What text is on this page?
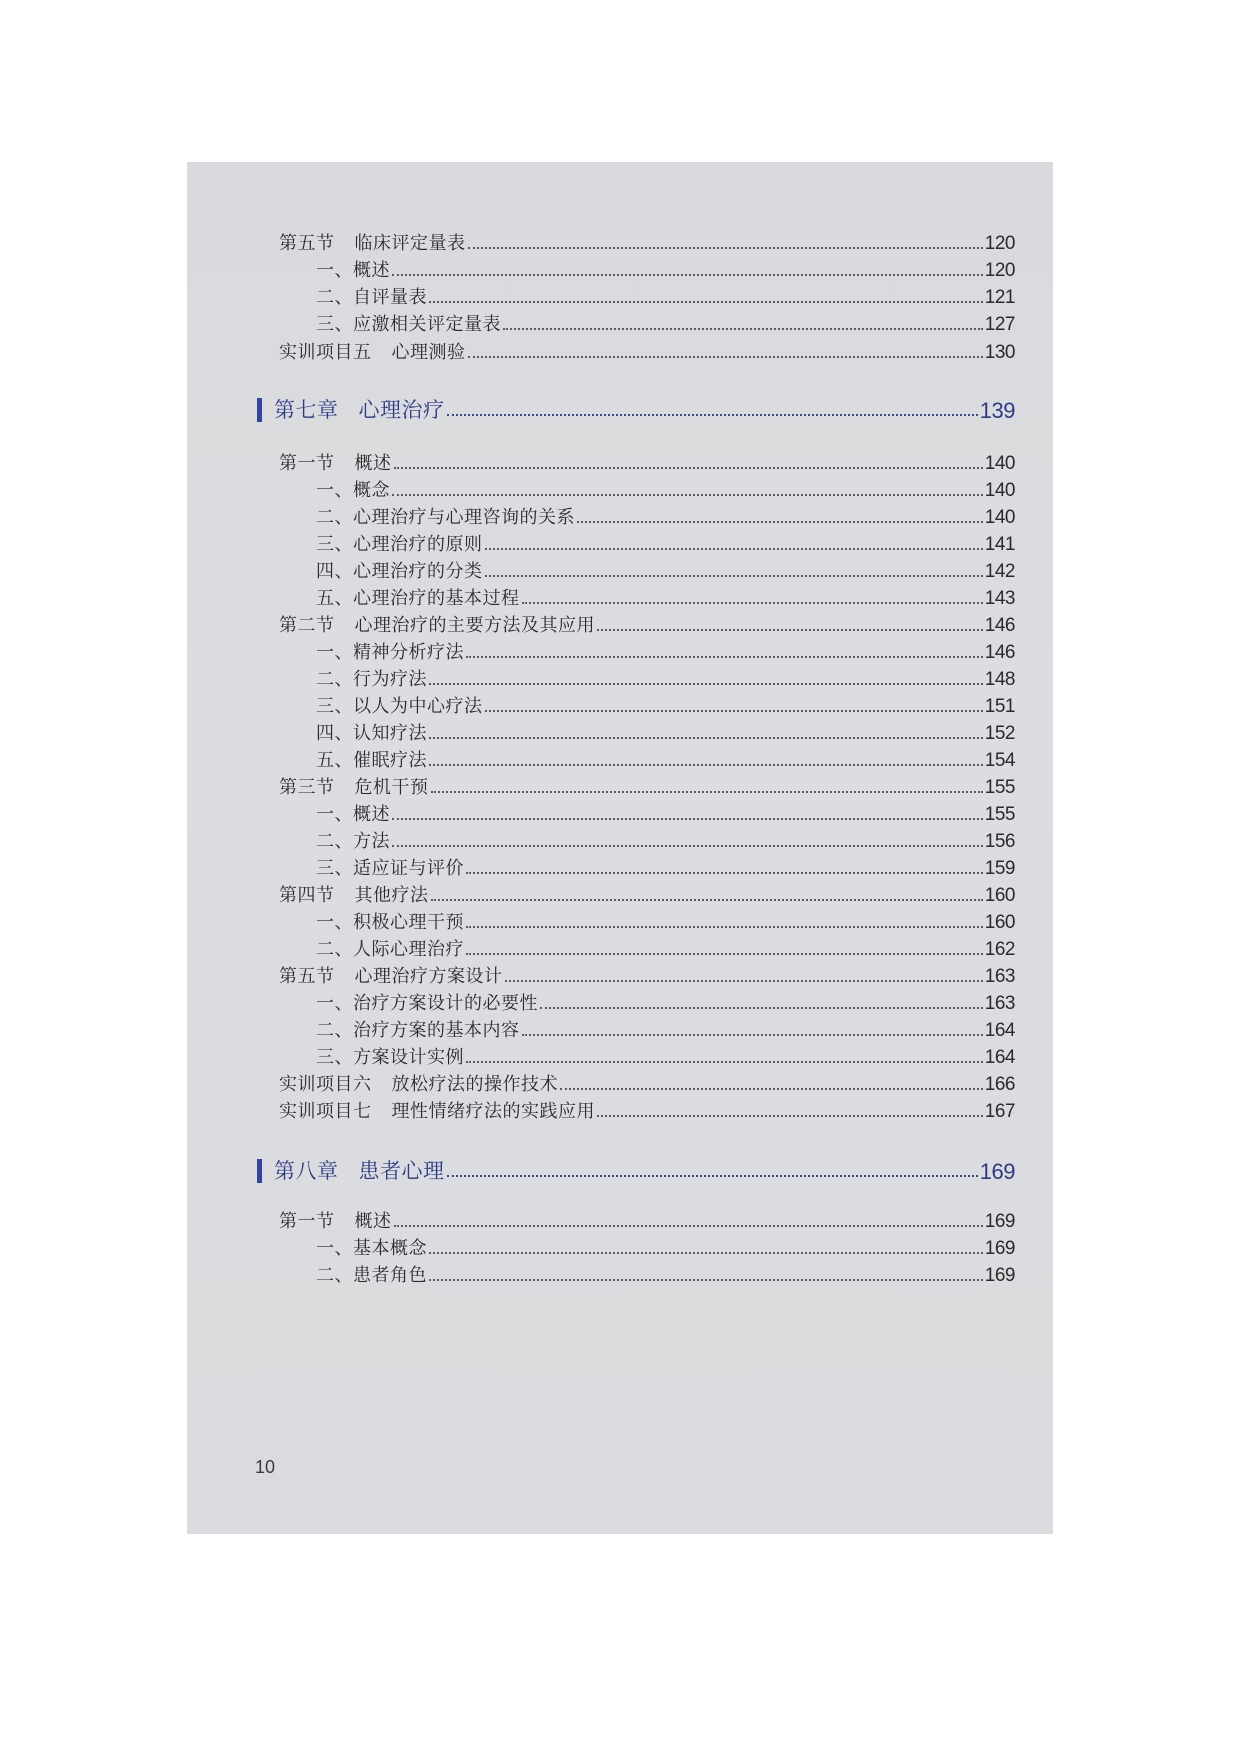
第五节 临床评定量表	120
一、概述	120
二、自评量表	121
三、应激相关评定量表	127
实训项目五 心理测验	130
第七章 心理治疗	139
第一节 概述	140
一、概念	140
二、心理治疗与心理咨询的关系	140
三、心理治疗的原则	141
四、心理治疗的分类	142
五、心理治疗的基本过程	143
第二节 心理治疗的主要方法及其应用	146
一、精神分析疗法	146
二、行为疗法	148
三、以人为中心疗法	151
四、认知疗法	152
五、催眠疗法	154
第三节 危机干预	155
一、概述	155
二、方法	156
三、适应证与评价	159
第四节 其他疗法	160
一、积极心理干预	160
二、人际心理治疗	162
第五节 心理治疗方案设计	163
一、治疗方案设计的必要性	163
二、治疗方案的基本内容	164
三、方案设计实例	164
实训项目六 放松疗法的操作技术	166
实训项目七 理性情绪疗法的实践应用	167
第八章 患者心理	169
第一节 概述	169
一、基本概念	169
二、患者角色	169
10
